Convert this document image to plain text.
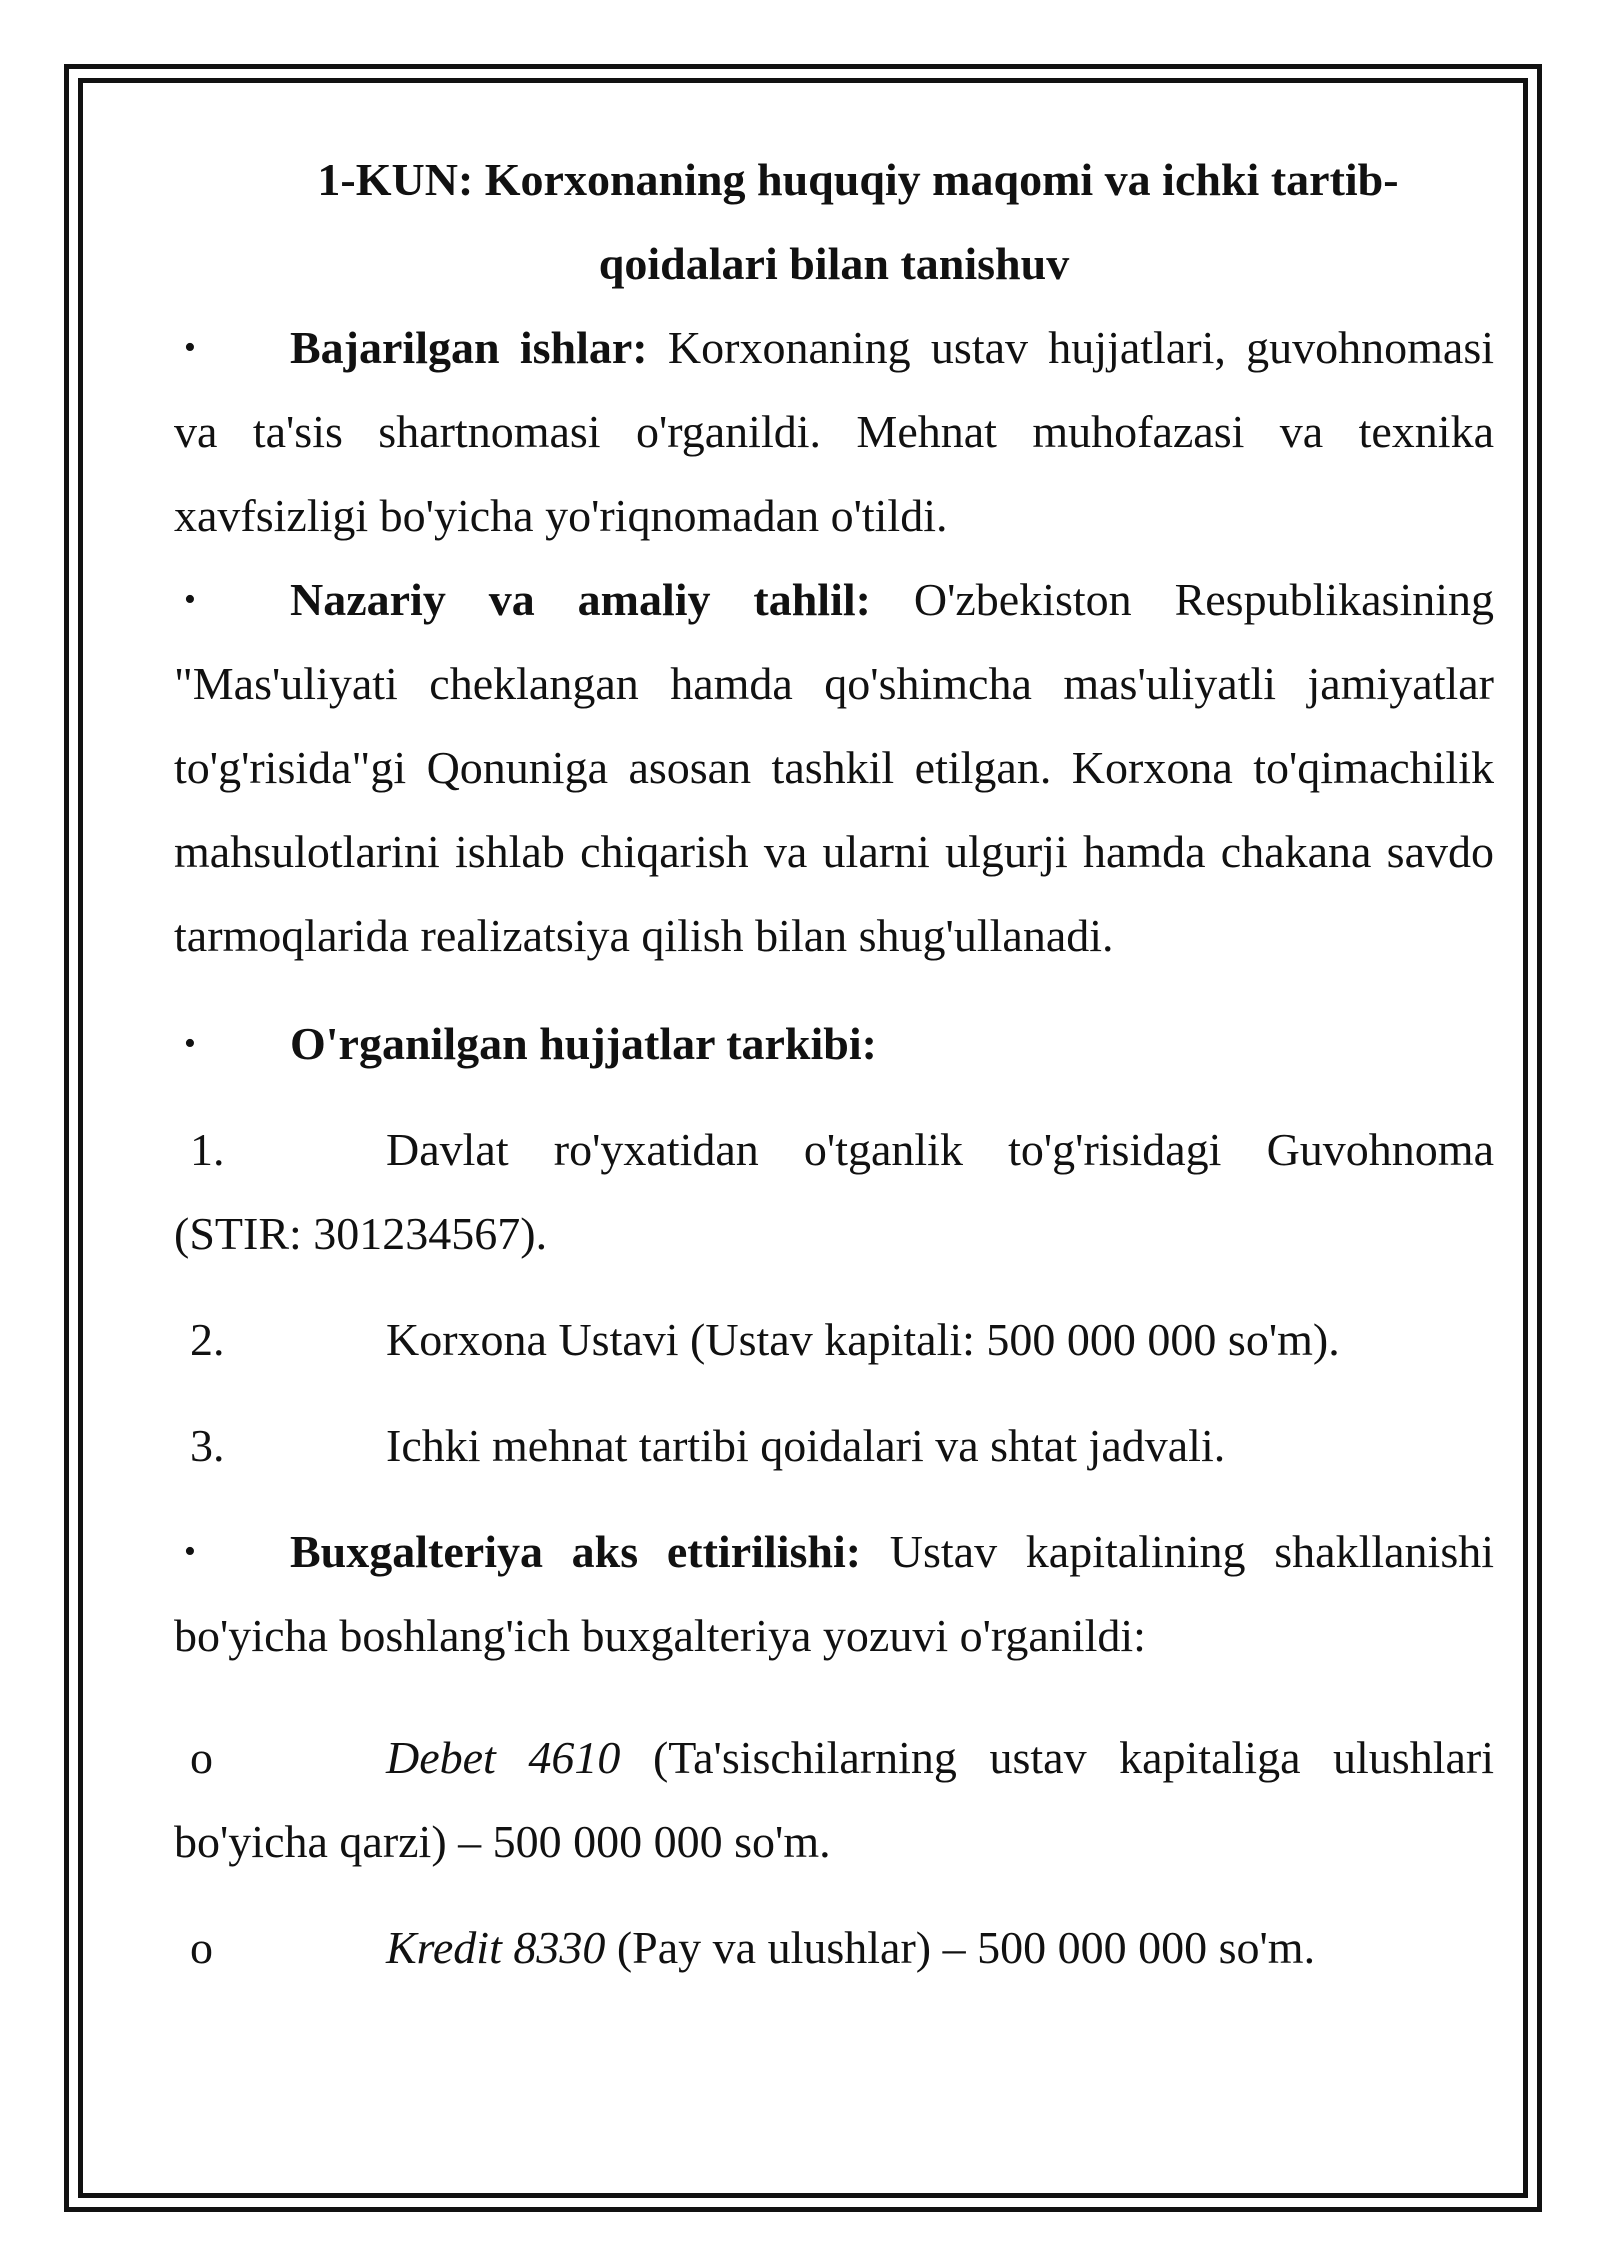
1-KUN: Korxonaning huquqiy maqomi va ichki tartib-
qoidalari bilan tanishuv

• Bajarilgan ishlar: Korxonaning ustav hujjatlari, guvohnomasi va ta'sis shartnomasi o'rganildi. Mehnat muhofazasi va texnika xavfsizligi bo'yicha yo'riqnomadan o'tildi.

• Nazariy va amaliy tahlil: O'zbekiston Respublikasining "Mas'uliyati cheklangan hamda qo'shimcha mas'uliyatli jamiyatlar to'g'risida"gi Qonuniga asosan tashkil etilgan. Korxona to'qimachilik mahsulotlarini ishlab chiqarish va ularni ulgurji hamda chakana savdo tarmoqlarida realizatsiya qilish bilan shug'ullanadi.

• O'rganilgan hujjatlar tarkibi:

1.	Davlat ro'yxatidan o'tganlik to'g'risidagi Guvohnoma (STIR: 301234567).

2.	Korxona Ustavi (Ustav kapitali: 500 000 000 so'm).

3.	Ichki mehnat tartibi qoidalari va shtat jadvali.

• Buxgalteriya aks ettirilishi: Ustav kapitalining shakllanishi bo'yicha boshlang'ich buxgalteriya yozuvi o'rganildi:

o	Debet 4610 (Ta'sischilarning ustav kapitaliga ulushlari bo'yicha qarzi) – 500 000 000 so'm.

o	Kredit 8330 (Pay va ulushlar) – 500 000 000 so'm.
